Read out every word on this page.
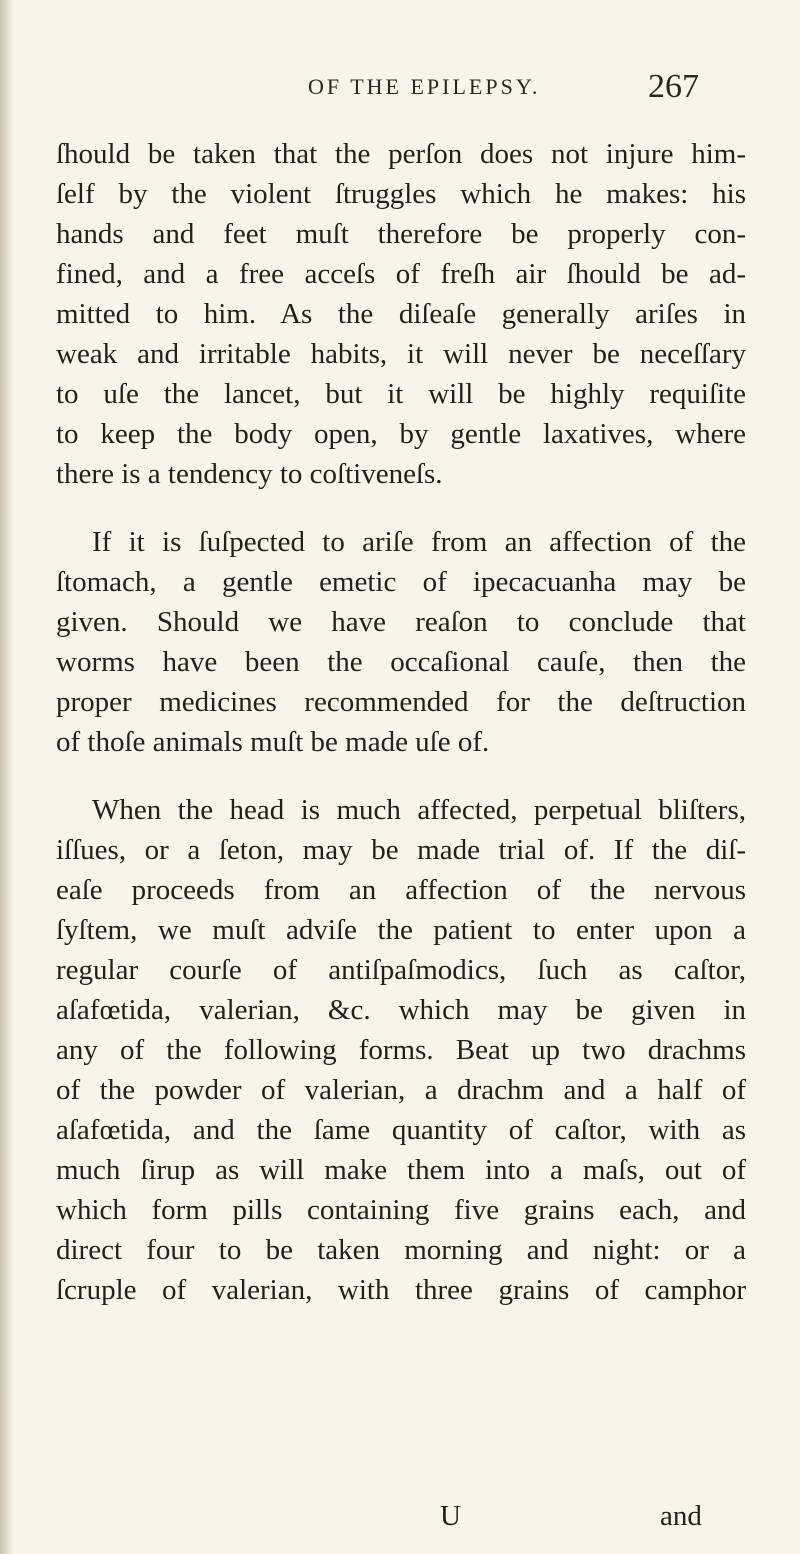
OF THE EPILEPSY.	267

ſhould be taken that the perſon does not injure him-
ſelf by the violent ſtruggles which he makes: his
hands and feet muſt therefore be properly con-
fined, and a free acceſs of freſh air ſhould be ad-
mitted to him. As the diſeaſe generally ariſes in
weak and irritable habits, it will never be neceſſary
to uſe the lancet, but it will be highly requiſite
to keep the body open, by gentle laxatives, where
there is a tendency to coſtiveneſs.

If it is ſuſpected to ariſe from an affection of the
ſtomach, a gentle emetic of ipecacuanha may be
given. Should we have reaſon to conclude that
worms have been the occaſional cauſe, then the
proper medicines recommended for the deſtruction
of thoſe animals muſt be made uſe of.

When the head is much affected, perpetual bliſters,
iſſues, or a ſeton, may be made trial of. If the diſ-
eaſe proceeds from an affection of the nervous
ſyſtem, we muſt adviſe the patient to enter upon a
regular courſe of antiſpaſmodics, ſuch as caſtor,
aſafœtida, valerian, &c. which may be given in
any of the following forms. Beat up two drachms
of the powder of valerian, a drachm and a half of
aſafœtida, and the ſame quantity of caſtor, with as
much ſirup as will make them into a maſs, out of
which form pills containing five grains each, and
direct four to be taken morning and night: or a
ſcruple of valerian, with three grains of camphor

U	and
